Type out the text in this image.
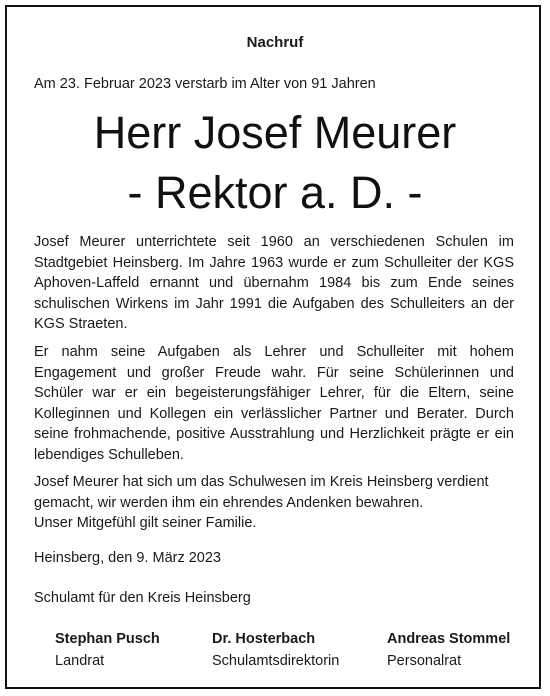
Nachruf
Am 23. Februar 2023 verstarb im Alter von 91 Jahren
Herr Josef Meurer
- Rektor a. D. -
Josef Meurer unterrichtete seit 1960 an verschiedenen Schulen im Stadtgebiet Heinsberg. Im Jahre 1963 wurde er zum Schulleiter der KGS Aphoven-Laffeld ernannt und übernahm 1984 bis zum Ende seines schulischen Wirkens im Jahr 1991 die Aufgaben des Schulleiters an der KGS Straeten.
Er nahm seine Aufgaben als Lehrer und Schulleiter mit hohem Engagement und großer Freude wahr. Für seine Schülerinnen und Schüler war er ein begeisterungsfähiger Lehrer, für die Eltern, seine Kolleginnen und Kollegen ein verlässlicher Partner und Berater. Durch seine frohmachende, positive Ausstrahlung und Herzlichkeit prägte er ein lebendiges Schulleben.
Josef Meurer hat sich um das Schulwesen im Kreis Heinsberg verdient gemacht, wir werden ihm ein ehrendes Andenken bewahren.
Unser Mitgefühl gilt seiner Familie.
Heinsberg, den 9. März 2023
Schulamt für den Kreis Heinsberg
Stephan Pusch
Landrat
Dr. Hosterbach
Schulamtsdirektorin
Andreas Stommel
Personalrat
